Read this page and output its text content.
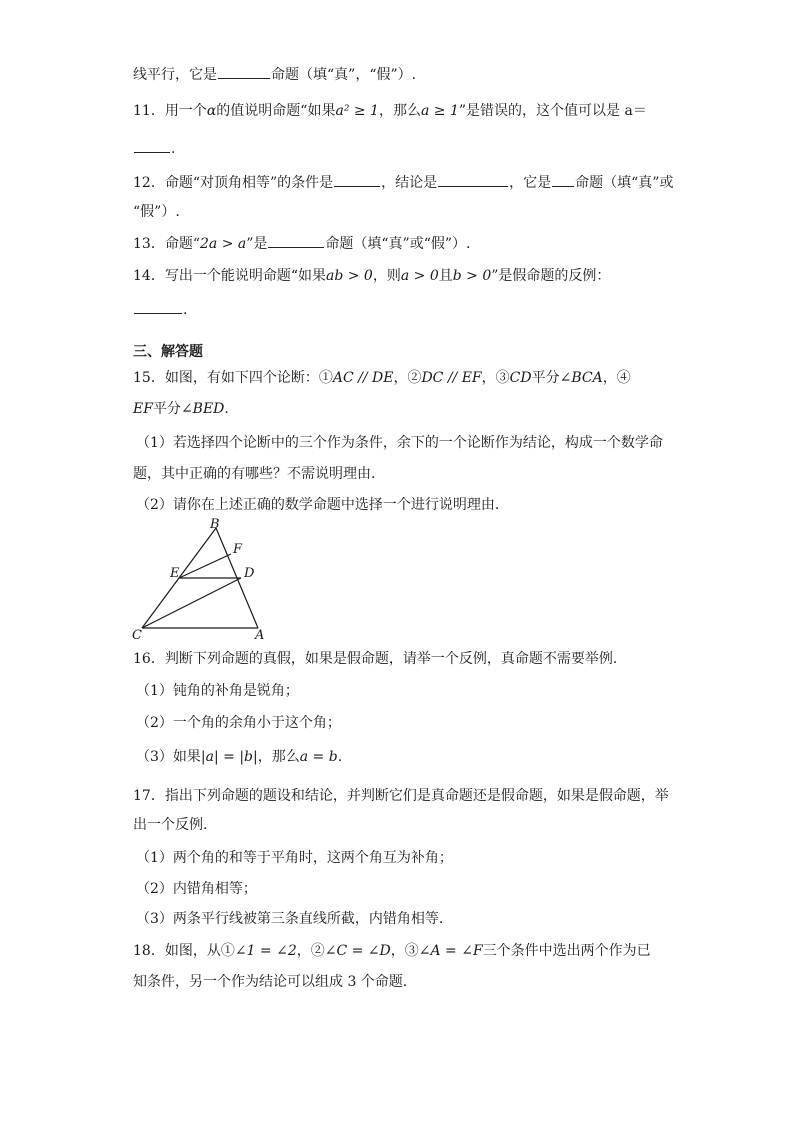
线平行，它是	命题（填“真”，“假”）.
11．用一个α的值说明命题“如果a² ≥ 1，那么a ≥ 1”是错误的，这个值可以是 a＝
.
12．命题“对顶角相等”的条件是	，结论是	，它是 命题（填“真”或
“假”）.
13．命题“2a > a”是	命题（填“真”或“假”）.
14．写出一个能说明命题“如果ab > 0，则a > 0且b > 0”是假命题的反例：
.
三、解答题
15．如图，有如下四个论断：①AC // DE，②DC // EF，③CD平分∠BCA，④
EF平分∠BED.
（1）若选择四个论断中的三个作为条件，余下的一个论断作为结论，构成一个数学命
题，其中正确的有哪些？不需说明理由.
（2）请你在上述正确的数学命题中选择一个进行说明理由.
B
F
E	D
C	A
16．判断下列命题的真假，如果是假命题，请举一个反例，真命题不需要举例.
（1）钝角的补角是锐角；
（2）一个角的余角小于这个角；
（3）如果|a| = |b|，那么a = b.
17．指出下列命题的题设和结论，并判断它们是真命题还是假命题，如果是假命题，举
出一个反例.
（1）两个角的和等于平角时，这两个角互为补角；
（2）内错角相等；
（3）两条平行线被第三条直线所截，内错角相等.
18．如图，从①∠1 = ∠2，②∠C = ∠D，③∠A = ∠F三个条件中选出两个作为已
知条件，另一个作为结论可以组成 3 个命题.
